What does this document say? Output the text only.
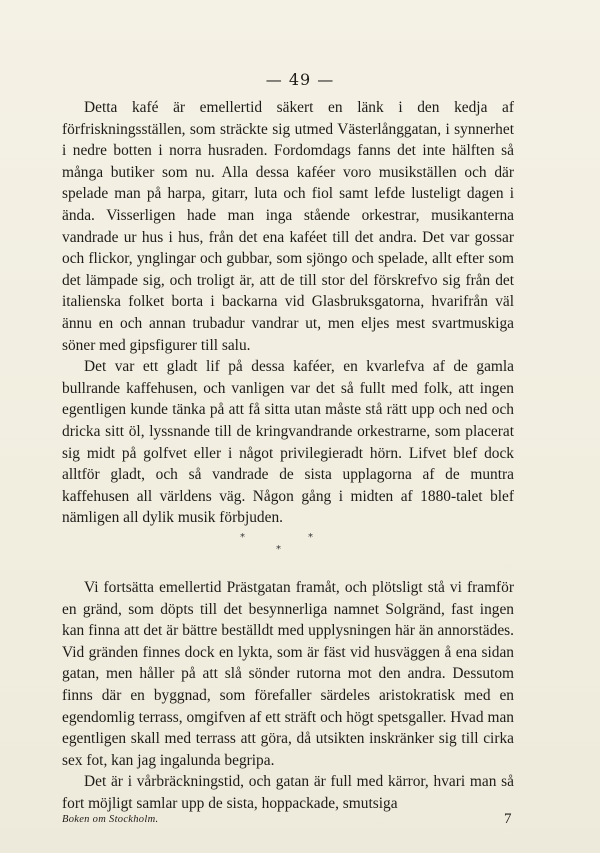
— 49 —

Detta kafé är emellertid säkert en länk i den kedja af förfriskningsställen, som sträckte sig utmed Västerlånggatan, i synnerhet i nedre botten i norra husraden. Fordomdags fanns det inte hälften så många butiker som nu. Alla dessa kaféer voro musikställen och där spelade man på harpa, gitarr, luta och fiol samt lefde lusteligt dagen i ända. Visserligen hade man inga stående orkestrar, musikanterna vandrade ur hus i hus, från det ena kaféet till det andra. Det var gossar och flickor, ynglingar och gubbar, som sjöngo och spelade, allt efter som det lämpade sig, och troligt är, att de till stor del förskrefvo sig från det italienska folket borta i backarna vid Glasbruksgatorna, hvarifrån väl ännu en och annan trubadur vandrar ut, men eljes mest svartmuskiga söner med gipsfigurer till salu.

Det var ett gladt lif på dessa kaféer, en kvarlefva af de gamla bullrande kaffehusen, och vanligen var det så fullt med folk, att ingen egentligen kunde tänka på att få sitta utan måste stå rätt upp och ned och dricka sitt öl, lyssnande till de kringvandrande orkestrarne, som placerat sig midt på golfvet eller i något privilegieradt hörn. Lifvet blef dock alltför gladt, och så vandrade de sista upplagorna af de muntra kaffehusen all världens väg. Någon gång i midten af 1880-talet blef nämligen all dylik musik förbjuden.

*	*
*

Vi fortsätta emellertid Prästgatan framåt, och plötsligt stå vi framför en gränd, som döpts till det besynnerliga namnet Solgränd, fast ingen kan finna att det är bättre beställdt med upplysningen här än annorstädes. Vid gränden finnes dock en lykta, som är fäst vid husväggen å ena sidan gatan, men håller på att slå sönder rutorna mot den andra. Dessutom finns där en byggnad, som förefaller särdeles aristokratisk med en egendomlig terrass, omgifven af ett sträft och högt spetsgaller. Hvad man egentligen skall med terrass att göra, då utsikten inskränker sig till cirka sex fot, kan jag ingalunda begripa.

Det är i vårbräckningstid, och gatan är full med kärror, hvari man så fort möjligt samlar upp de sista, hoppackade, smutsiga

Boken om Stockholm.	7
